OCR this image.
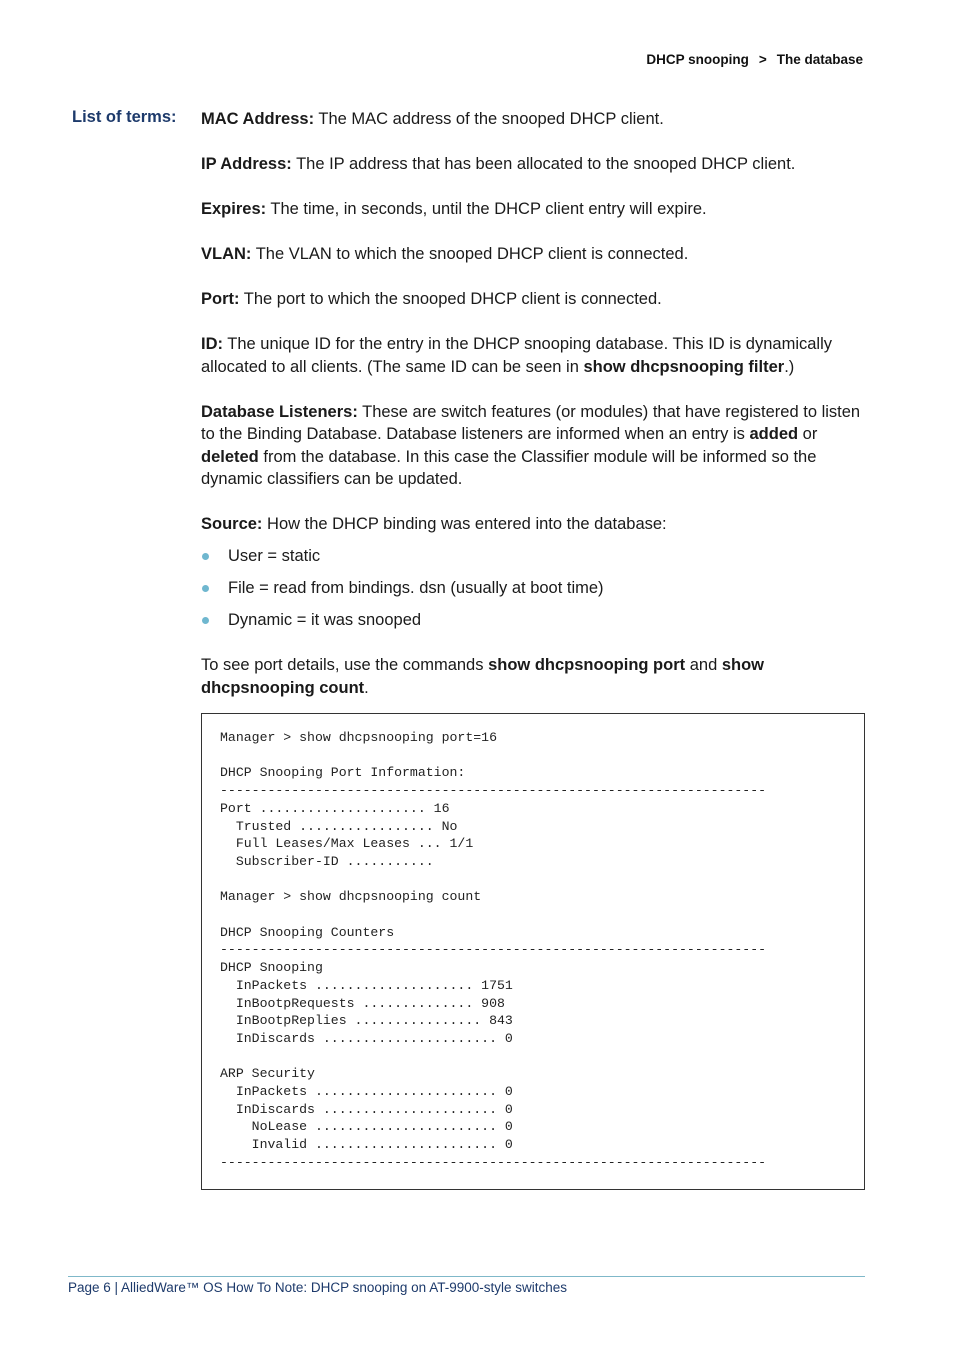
DHCP snooping > The database
List of terms: MAC Address: The MAC address of the snooped DHCP client.

IP Address: The IP address that has been allocated to the snooped DHCP client.

Expires: The time, in seconds, until the DHCP client entry will expire.

VLAN: The VLAN to which the snooped DHCP client is connected.

Port: The port to which the snooped DHCP client is connected.

ID: The unique ID for the entry in the DHCP snooping database. This ID is dynamically allocated to all clients. (The same ID can be seen in show dhcpsnooping filter.)

Database Listeners: These are switch features (or modules) that have registered to listen to the Binding Database. Database listeners are informed when an entry is added or deleted from the database. In this case the Classifier module will be informed so the dynamic classifiers can be updated.

Source: How the DHCP binding was entered into the database:

User = static
File = read from bindings. dsn (usually at boot time)
Dynamic = it was snooped

To see port details, use the commands show dhcpsnooping port and show dhcpsnooping count.

Manager > show dhcpsnooping port=16

DHCP Snooping Port Information:
---------------------------------------------------------------------
Port ..................... 16
Trusted ................. No
Full Leases/Max Leases ... 1/1
Subscriber-ID ...........

Manager > show dhcpsnooping count

DHCP Snooping Counters
---------------------------------------------------------------------
DHCP Snooping
InPackets .................... 1751
InBootpRequests .............. 908
InBootpReplies ................ 843
InDiscards ...................... 0

ARP Security
InPackets ....................... 0
InDiscards ...................... 0
NoLease ....................... 0
Invalid ....................... 0
---------------------------------------------------------------------
Page 6 | AlliedWare™ OS How To Note: DHCP snooping on AT-9900-style switches
